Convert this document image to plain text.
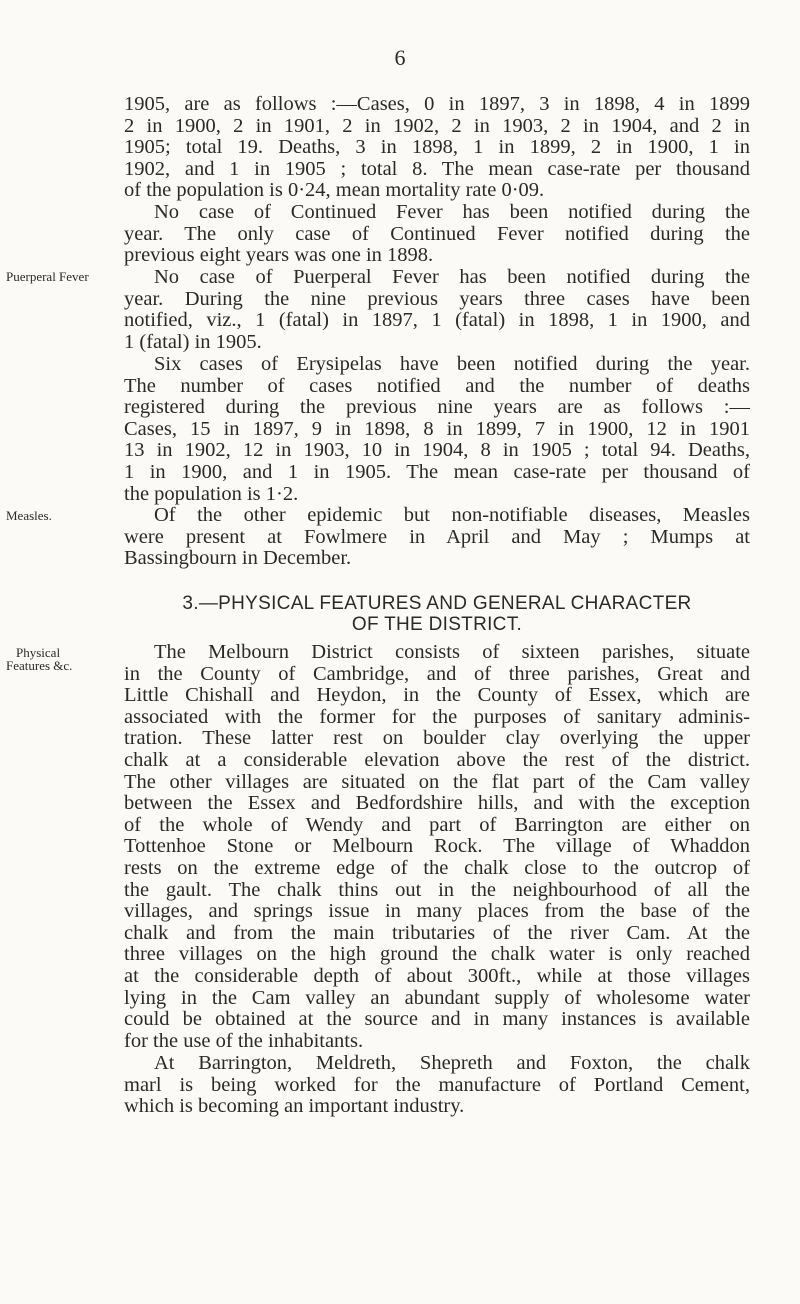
6
1905, are as follows :—Cases, 0 in 1897, 3 in 1898, 4 in 1899
2 in 1900, 2 in 1901, 2 in 1902, 2 in 1903, 2 in 1904, and 2 in
1905; total 19. Deaths, 3 in 1898, 1 in 1899, 2 in 1900, 1 in
1902, and 1 in 1905 ; total 8. The mean case-rate per thousand
of the population is 0·24, mean mortality rate 0·09.
No case of Continued Fever has been notified during the
year. The only case of Continued Fever notified during the
previous eight years was one in 1898.
Puerperal Fever	No case of Puerperal Fever has been notified during the
year. During the nine previous years three cases have been
notified, viz., 1 (fatal) in 1897, 1 (fatal) in 1898, 1 in 1900, and
1 (fatal) in 1905.
Six cases of Erysipelas have been notified during the year.
The number of cases notified and the number of deaths
registered during the previous nine years are as follows :—
Cases, 15 in 1897, 9 in 1898, 8 in 1899, 7 in 1900, 12 in 1901
13 in 1902, 12 in 1903, 10 in 1904, 8 in 1905 ; total 94. Deaths,
1 in 1900, and 1 in 1905. The mean case-rate per thousand of
the population is 1·2.
Measles.	Of the other epidemic but non-notifiable diseases, Measles
were present at Fowlmere in April and May ; Mumps at
Bassingbourn in December.
3.—PHYSICAL FEATURES AND GENERAL CHARACTER
OF THE DISTRICT.
Physical
Features &c.
The Melbourn District consists of sixteen parishes, situate
in the County of Cambridge, and of three parishes, Great and
Little Chishall and Heydon, in the County of Essex, which are
associated with the former for the purposes of sanitary adminis-
tration. These latter rest on boulder clay overlying the upper
chalk at a considerable elevation above the rest of the district.
The other villages are situated on the flat part of the Cam valley
between the Essex and Bedfordshire hills, and with the exception
of the whole of Wendy and part of Barrington are either on
Tottenhoe Stone or Melbourn Rock. The village of Whaddon
rests on the extreme edge of the chalk close to the outcrop of
the gault. The chalk thins out in the neighbourhood of all the
villages, and springs issue in many places from the base of the
chalk and from the main tributaries of the river Cam. At the
three villages on the high ground the chalk water is only reached
at the considerable depth of about 300ft., while at those villages
lying in the Cam valley an abundant supply of wholesome water
could be obtained at the source and in many instances is available
for the use of the inhabitants.
At Barrington, Meldreth, Shepreth and Foxton, the chalk
marl is being worked for the manufacture of Portland Cement,
which is becoming an important industry.
